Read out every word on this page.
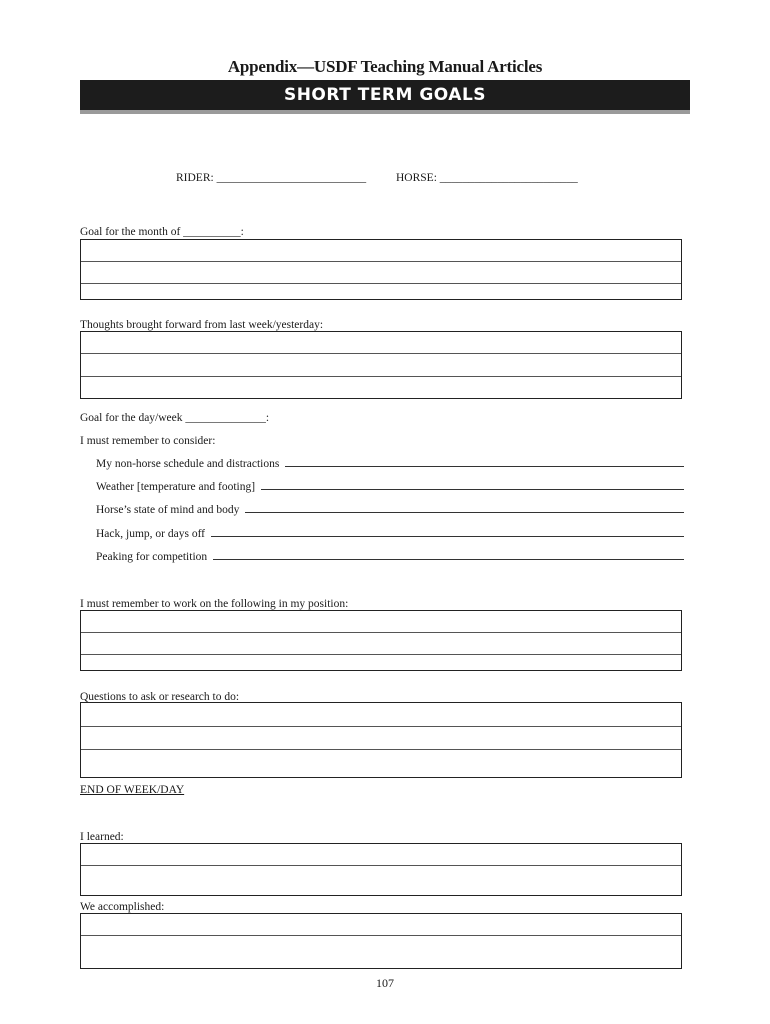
Appendix—USDF Teaching Manual Articles
SHORT TERM GOALS
RIDER: __________________________	HORSE: ________________________
Goal for the month of __________:
Thoughts brought forward from last week/yesterday:
Goal for the day/week ______________:
I must remember to consider:
My non-horse schedule and distractions
Weather [temperature and footing]
Horse’s state of mind and body
Hack, jump, or days off
Peaking for competition
I must remember to work on the following in my position:
Questions to ask or research to do:
END OF WEEK/DAY
I learned:
We accomplished:
107
